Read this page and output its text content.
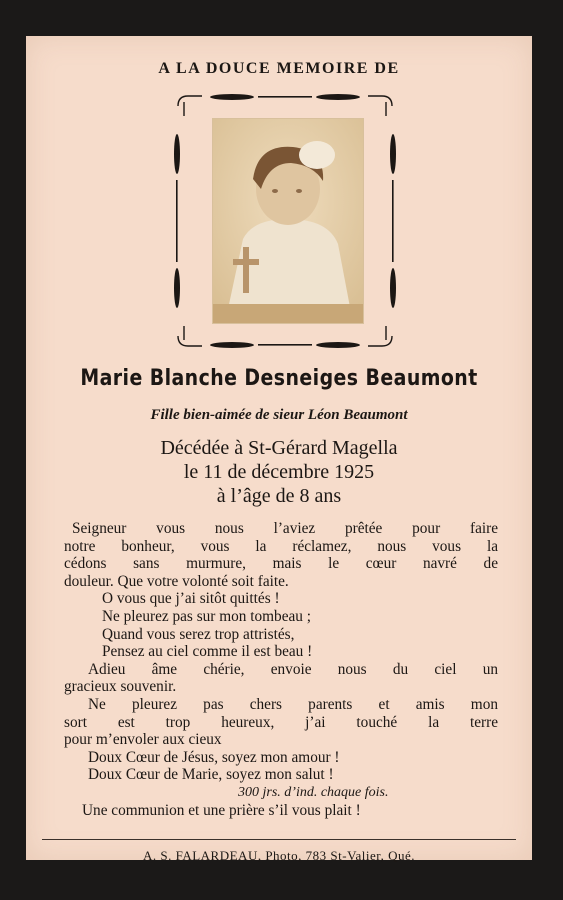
A LA DOUCE MEMOIRE DE
Marie Blanche Desneiges Beaumont
Fille bien-aimée de sieur Léon Beaumont
Décédée à St-Gérard Magella
le 11 de décembre 1925
à l’âge de 8 ans
Seigneur vous nous l’aviez prêtée pour faire
notre bonheur, vous la réclamez, nous vous la
cédons sans murmure, mais le cœur navré de
douleur. Que votre volonté soit faite.
O vous que j’ai sitôt quittés !
Ne pleurez pas sur mon tombeau ;
Quand vous serez trop attristés,
Pensez au ciel comme il est beau !
Adieu âme chérie, envoie nous du ciel un
gracieux souvenir.
Ne pleurez pas chers parents et amis mon
sort est trop heureux, j’ai touché la terre
pour m’envoler aux cieux
Doux Cœur de Jésus, soyez mon amour !
Doux Cœur de Marie, soyez mon salut !
300 jrs. d’ind. chaque fois.
Une communion et une prière s’il vous plait !
A. S. FALARDEAU, Photo, 783 St-Valier, Qué.
